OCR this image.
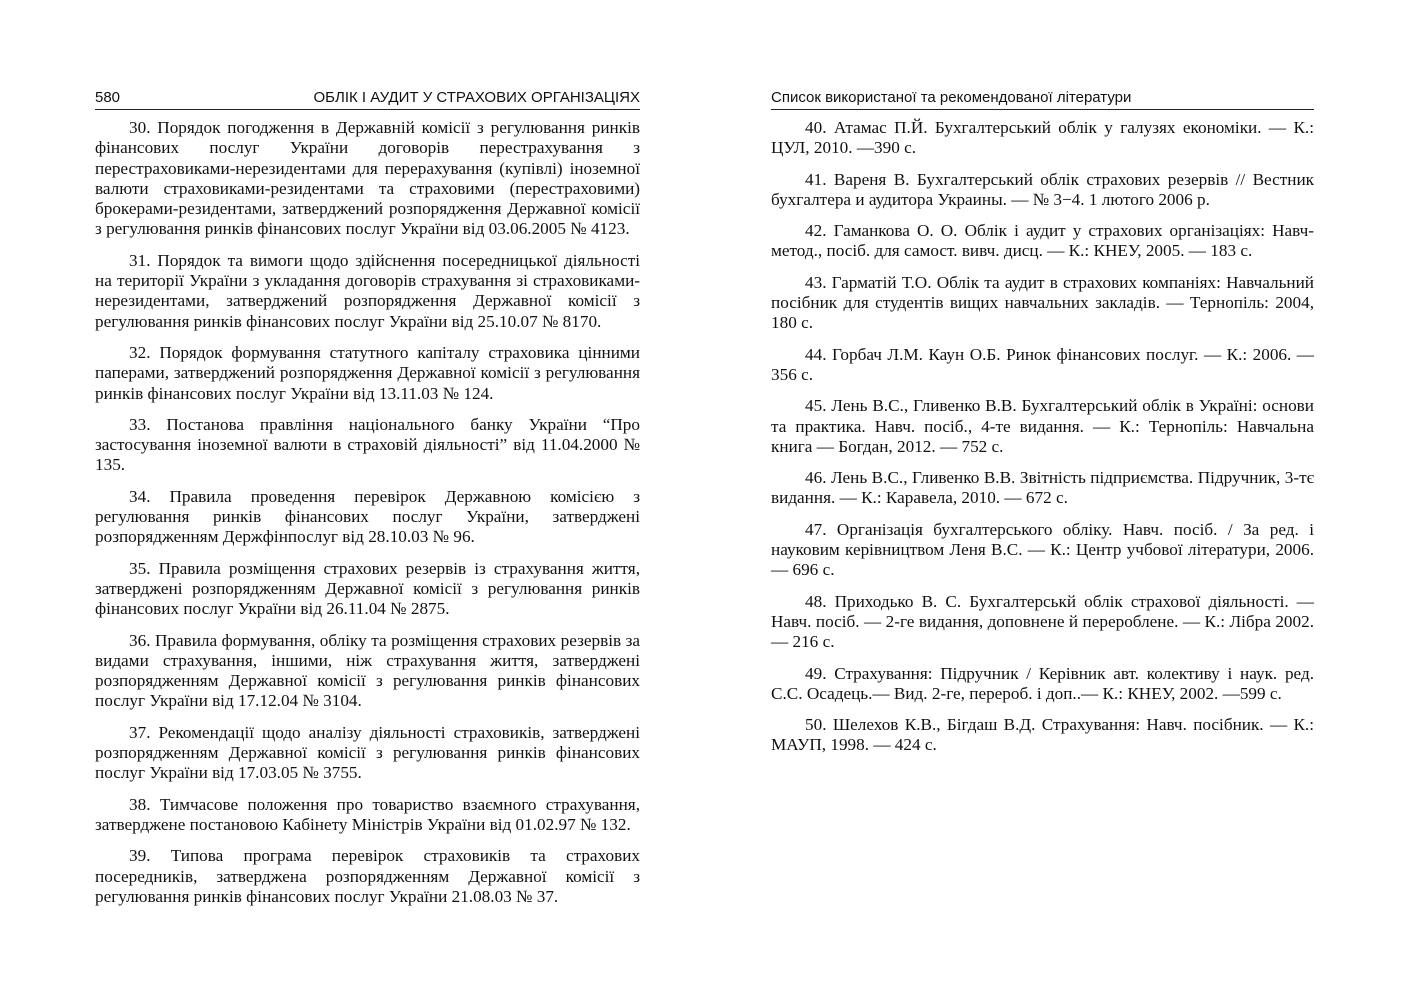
580	ОБЛІК І АУДИТ У СТРАХОВИХ ОРГАНІЗАЦІЯХ

30. Порядок погодження в Державній комісії з регулювання ринків фінансових послуг України договорів перестрахування з перестраховиками-нерезидентами для перерахування (купівлі) іноземної валюти страховиками-резидентами та страховими (перестраховими) брокерами-резидентами, затверджений розпорядження Державної комісії з регулювання ринків фінансових послуг України від 03.06.2005 № 4123.

31. Порядок та вимоги щодо здійснення посередницької діяльності на території України з укладання договорів страхування зі страховиками-нерезидентами, затверджений розпорядження Державної комісії з регулювання ринків фінансових послуг України від 25.10.07 № 8170.

32. Порядок формування статутного капіталу страховика цінними паперами, затверджений розпорядження Державної комісії з регулювання ринків фінансових послуг України від 13.11.03 № 124.

33. Постанова правління національного банку України “Про застосування іноземної валюти в страховій діяльності” від 11.04.2000 № 135.

34. Правила проведення перевірок Державною комісією з регулювання ринків фінансових послуг України, затверджені розпорядженням Держфінпослуг від 28.10.03 № 96.

35. Правила розміщення страхових резервів із страхування життя, затверджені розпорядженням Державної комісії з регулювання ринків фінансових послуг України від 26.11.04 № 2875.

36. Правила формування, обліку та розміщення страхових резервів за видами страхування, іншими, ніж страхування життя, затверджені розпорядженням Державної комісії з регулювання ринків фінансових послуг України від 17.12.04 № 3104.

37. Рекомендації щодо аналізу діяльності страховиків, затверджені розпорядженням Державної комісії з регулювання ринків фінансових послуг України від 17.03.05 № 3755.

38. Тимчасове положення про товариство взаємного страхування, затверджене постановою Кабінету Міністрів України від 01.02.97 № 132.

39. Типова програма перевірок страховиків та страхових посередників, затверджена розпорядженням Державної комісії з регулювання ринків фінансових послуг України 21.08.03 № 37.

Список використаної та рекомендованої літератури

40. Атамас П.Й. Бухгалтерський облік у галузях економіки. — К.: ЦУЛ, 2010. —390 с.

41. Вареня В. Бухгалтерський облік страхових резервів // Вестник бухгалтера и аудитора Украины. — № 3−4. 1 лютого 2006 р.

42. Гаманкова О. О. Облік і аудит у страхових організаціях: Навч-метод., посіб. для самост. вивч. дисц. — К.: КНЕУ, 2005. — 183 с.

43. Гарматій Т.О. Облік та аудит в страхових компаніях: Навчальний посібник для студентів вищих навчальних закладів. — Тернопіль: 2004, 180 с.

44. Горбач Л.М. Каун О.Б. Ринок фінансових послуг. — К.: 2006. — 356 с.

45. Лень В.С., Гливенко В.В. Бухгалтерський облік в Україні: основи та практика. Навч. посіб., 4-те видання. — К.: Тернопіль: Навчальна книга — Богдан, 2012. — 752 с.

46. Лень В.С., Гливенко В.В. Звітність підприємства. Підручник, 3-тє видання. — К.: Каравела, 2010. — 672 с.

47. Організація бухгалтерського обліку. Навч. посіб. / За ред. і науковим керівництвом Леня В.С. — К.: Центр учбової літератури, 2006. — 696 с.

48. Приходько В. С. Бухгалтерськй облік страхової діяльності. — Навч. посіб. — 2-ге видання, доповнене й перероблене. — К.: Лібра 2002.— 216 с.

49. Страхування: Підручник / Керівник авт. колективу і наук. ред. С.С. Осадець.— Вид. 2-ге, перероб. і доп..— К.: КНЕУ, 2002. —599 с.

50. Шелехов К.В., Бігдаш В.Д. Страхування: Навч. посібник. — К.: МАУП, 1998. — 424 с.
